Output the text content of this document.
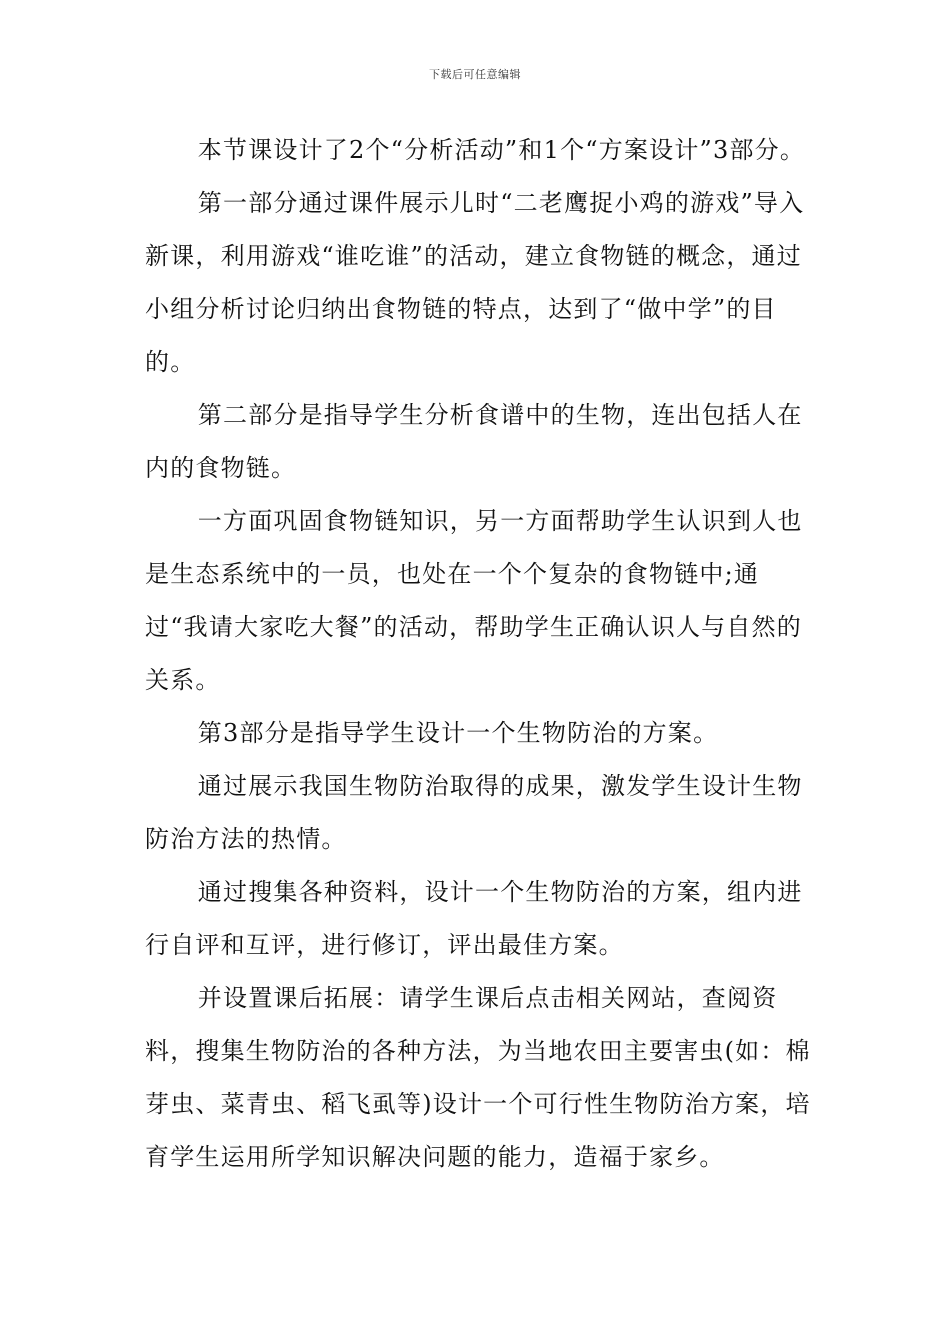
下载后可任意编辑

本节课设计了2个“分析活动”和1个“方案设计”3部分。

第一部分通过课件展示儿时“二老鹰捉小鸡的游戏”导入新课，利用游戏“谁吃谁”的活动，建立食物链的概念，通过小组分析讨论归纳出食物链的特点，达到了“做中学”的目的。

第二部分是指导学生分析食谱中的生物，连出包括人在内的食物链。

一方面巩固食物链知识，另一方面帮助学生认识到人也是生态系统中的一员，也处在一个个复杂的食物链中;通过“我请大家吃大餐”的活动，帮助学生正确认识人与自然的关系。

第3部分是指导学生设计一个生物防治的方案。

通过展示我国生物防治取得的成果，激发学生设计生物防治方法的热情。

通过搜集各种资料，设计一个生物防治的方案，组内进行自评和互评，进行修订，评出最佳方案。

并设置课后拓展：请学生课后点击相关网站，查阅资料，搜集生物防治的各种方法，为当地农田主要害虫(如：棉芽虫、菜青虫、稻飞虱等)设计一个可行性生物防治方案，培育学生运用所学知识解决问题的能力，造福于家乡。
